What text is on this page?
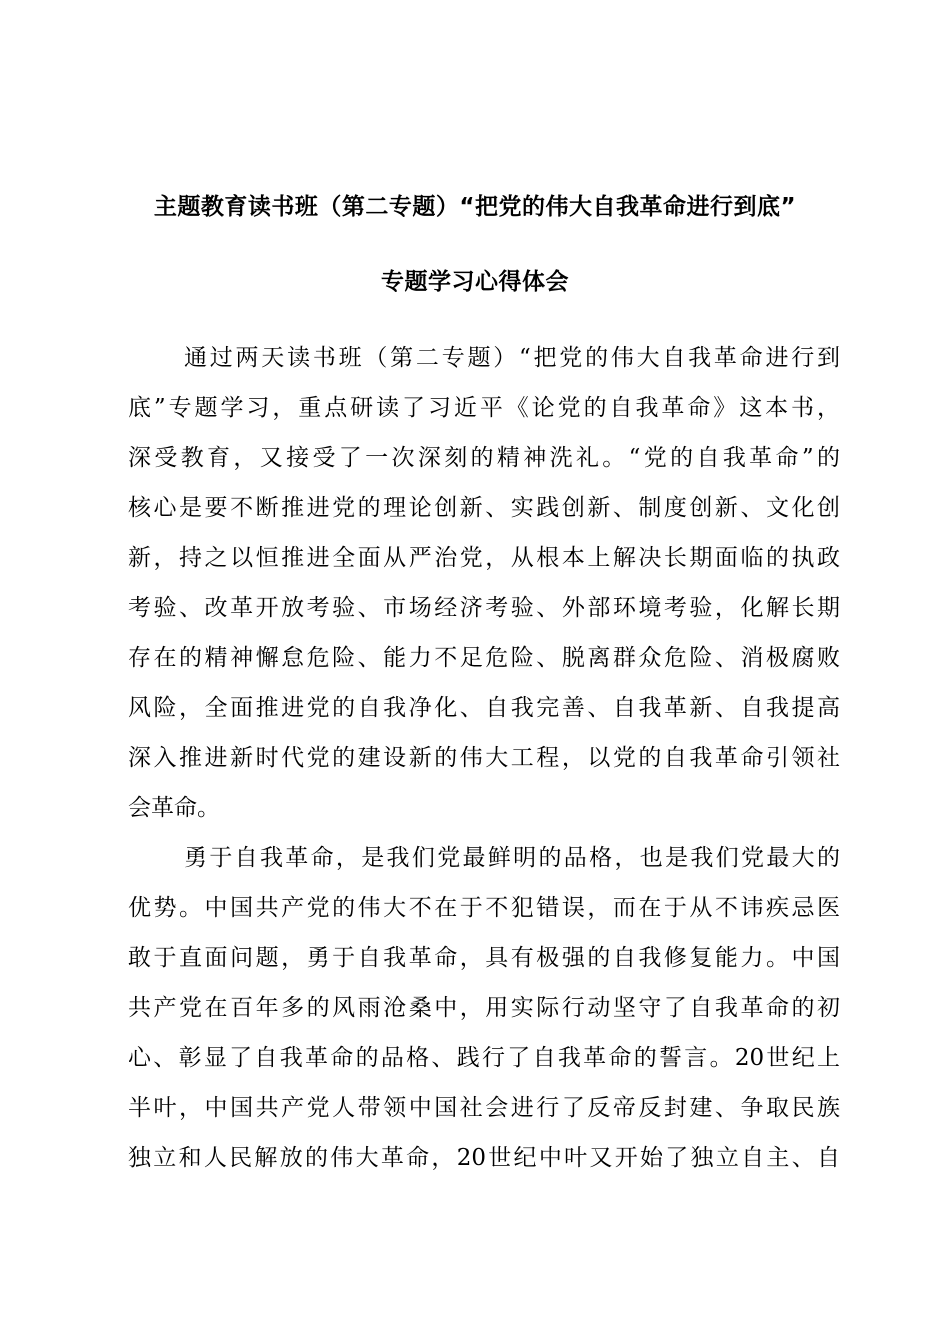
主题教育读书班（第二专题）“把党的伟大自我革命进行到底”
专题学习心得体会
通过两天读书班（第二专题）“把党的伟大自我革命进行到
底”专题学习，重点研读了习近平《论党的自我革命》这本书，
深受教育，又接受了一次深刻的精神洗礼。“党的自我革命”的
核心是要不断推进党的理论创新、实践创新、制度创新、文化创
新，持之以恒推进全面从严治党，从根本上解决长期面临的执政
考验、改革开放考验、市场经济考验、外部环境考验，化解长期
存在的精神懈怠危险、能力不足危险、脱离群众危险、消极腐败
风险，全面推进党的自我净化、自我完善、自我革新、自我提高
深入推进新时代党的建设新的伟大工程，以党的自我革命引领社
会革命。
勇于自我革命，是我们党最鲜明的品格，也是我们党最大的
优势。中国共产党的伟大不在于不犯错误，而在于从不讳疾忌医
敢于直面问题，勇于自我革命，具有极强的自我修复能力。中国
共产党在百年多的风雨沧桑中，用实际行动坚守了自我革命的初
心、彰显了自我革命的品格、践行了自我革命的誓言。20世纪上
半叶，中国共产党人带领中国社会进行了反帝反封建、争取民族
独立和人民解放的伟大革命，20世纪中叶又开始了独立自主、自
